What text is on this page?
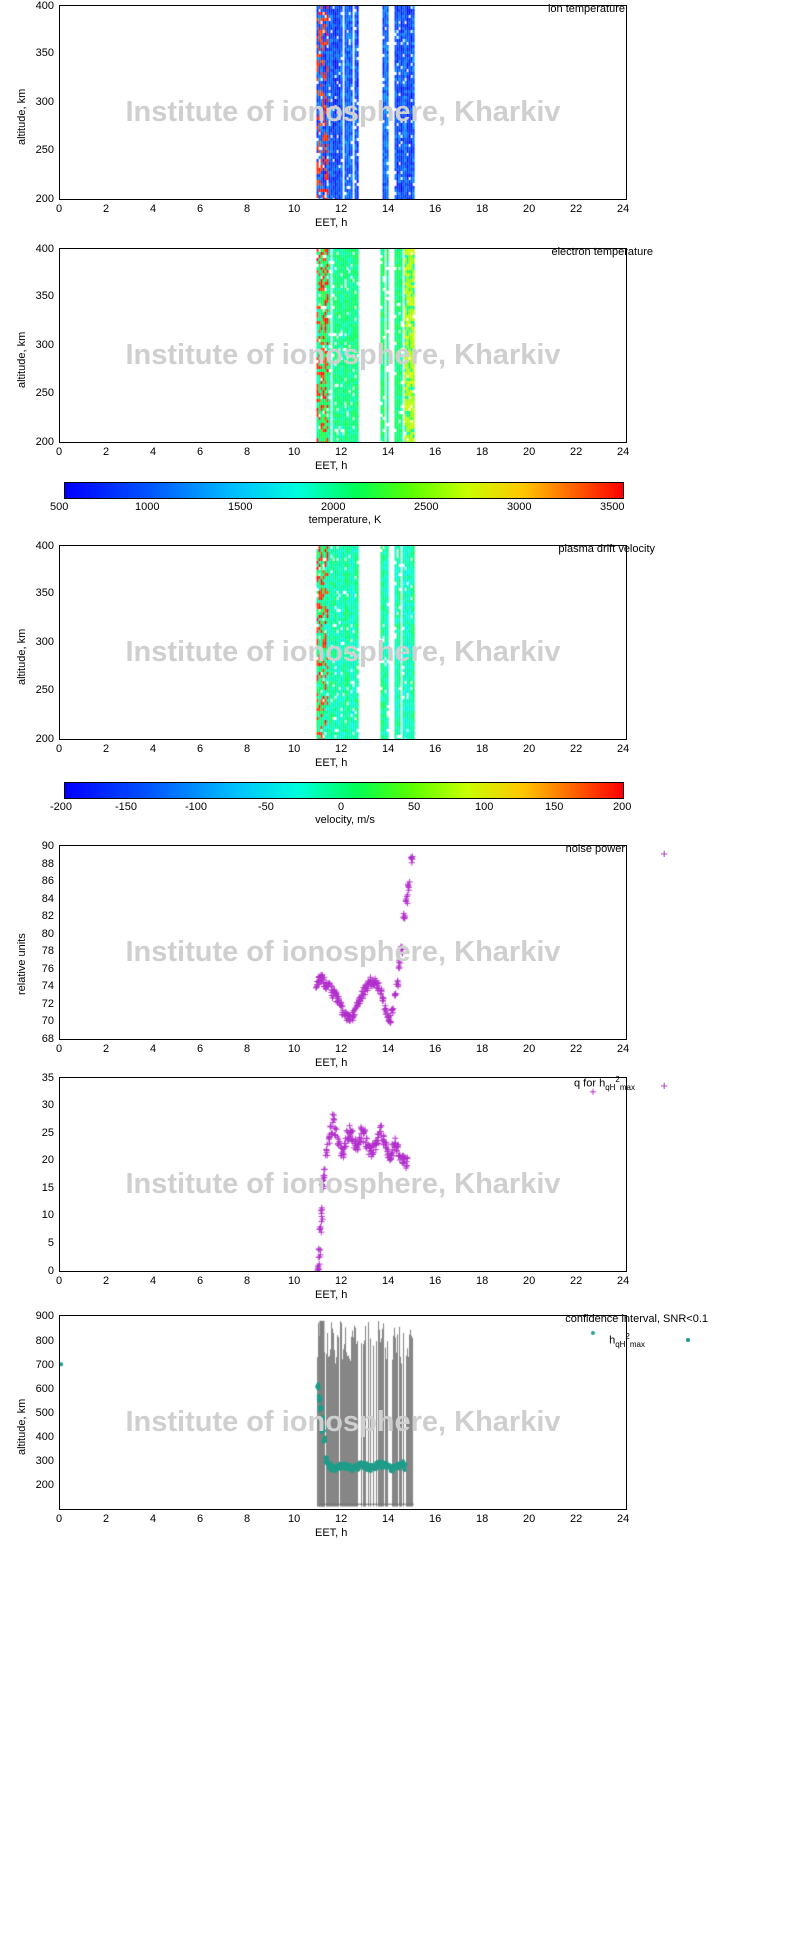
Institute of ionosphere, Kharkiv
ion temperature
altitude, km
EET, h
200
250
300
350
400
0	2	4	6	8	10	12	14	16	18	20	22	24
Institute of ionosphere, Kharkiv
electron temperature
altitude, km
EET, h
200
250
300
350
400
0	2	4	6	8	10	12	14	16	18	20	22	24
500	1000	1500	2000	2500	3000	3500
temperature, K
Institute of ionosphere, Kharkiv
plasma drift velocity
altitude, km
EET, h
200
250
300
350
400
0	2	4	6	8	10	12	14	16	18	20	22	24
-200	-150	-100	-50	0	50	100	150	200
velocity, m/s
Institute of ionosphere, Kharkiv
noise power	+
relative units
EET, h
68
70
72
74
76
78
80
82
84
86
88
90
0	2	4	6	8	10	12	14	16	18	20	22	24
Institute of ionosphere, Kharkiv
q for $h_{qH}^2_{max}$ +
EET, h
0
5
10
15
20
25
30
35
0	2	4	6	8	10	12	14	16	18	20	22	24
Institute of ionosphere, Kharkiv
confidence interval, SNR<0.1
$h_{qH}^2_{max}$
altitude, km
EET, h
200
300
400
500
600
700
800
900
0	2	4	6	8	10	12	14	16	18	20	22	24
